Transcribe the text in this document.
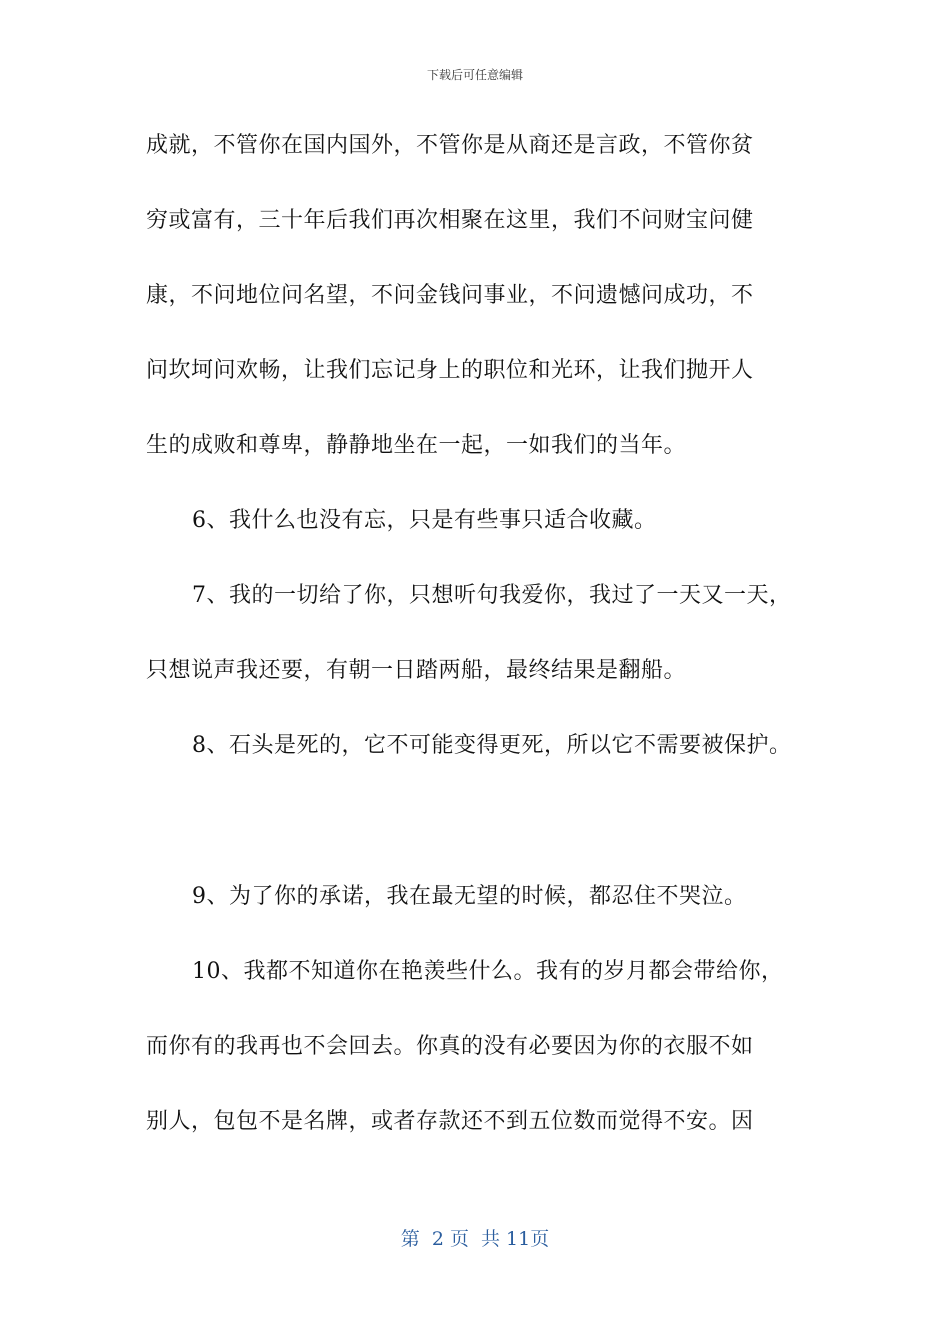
下载后可任意编辑
成就，不管你在国内国外，不管你是从商还是言政，不管你贫
穷或富有，三十年后我们再次相聚在这里，我们不问财宝问健
康，不问地位问名望，不问金钱问事业，不问遗憾问成功，不
问坎坷问欢畅，让我们忘记身上的职位和光环，让我们抛开人
生的成败和尊卑，静静地坐在一起，一如我们的当年。
6、我什么也没有忘，只是有些事只适合收藏。
7、我的一切给了你，只想听句我爱你，我过了一天又一天，
只想说声我还要，有朝一日踏两船，最终结果是翻船。
8、石头是死的，它不可能变得更死，所以它不需要被保护。
9、为了你的承诺，我在最无望的时候，都忍住不哭泣。
10、我都不知道你在艳羡些什么。我有的岁月都会带给你，
而你有的我再也不会回去。你真的没有必要因为你的衣服不如
别人，包包不是名牌，或者存款还不到五位数而觉得不安。因
第  2 页  共 11页
